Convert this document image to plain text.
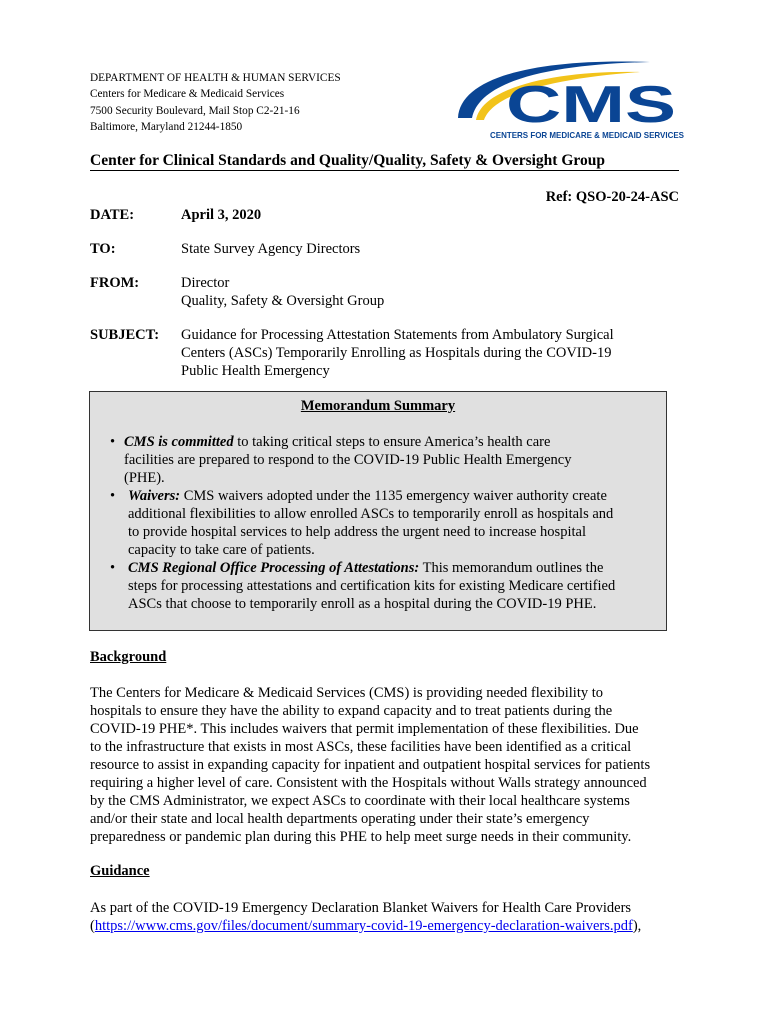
DEPARTMENT OF HEALTH & HUMAN SERVICES
Centers for Medicare & Medicaid Services
7500 Security Boulevard, Mail Stop C2-21-16
Baltimore, Maryland 21244-1850	CMS
CENTERS FOR MEDICARE & MEDICAID SERVICES
Center for Clinical Standards and Quality/Quality, Safety & Oversight Group
Ref: QSO-20-24-ASC
DATE:	April 3, 2020
TO:	State Survey Agency Directors
FROM:	Director
Quality, Safety & Oversight Group
SUBJECT:	Guidance for Processing Attestation Statements from Ambulatory Surgical
Centers (ASCs) Temporarily Enrolling as Hospitals during the COVID-19
Public Health Emergency
Memorandum Summary
• CMS is committed to taking critical steps to ensure America’s health care
facilities are prepared to respond to the COVID-19 Public Health Emergency
(PHE).
• Waivers: CMS waivers adopted under the 1135 emergency waiver authority create
additional flexibilities to allow enrolled ASCs to temporarily enroll as hospitals and
to provide hospital services to help address the urgent need to increase hospital
capacity to take care of patients.
• CMS Regional Office Processing of Attestations: This memorandum outlines the
steps for processing attestations and certification kits for existing Medicare certified
ASCs that choose to temporarily enroll as a hospital during the COVID-19 PHE.
Background
The Centers for Medicare & Medicaid Services (CMS) is providing needed flexibility to
hospitals to ensure they have the ability to expand capacity and to treat patients during the
COVID-19 PHE*. This includes waivers that permit implementation of these flexibilities. Due
to the infrastructure that exists in most ASCs, these facilities have been identified as a critical
resource to assist in expanding capacity for inpatient and outpatient hospital services for patients
requiring a higher level of care. Consistent with the Hospitals without Walls strategy announced
by the CMS Administrator, we expect ASCs to coordinate with their local healthcare systems
and/or their state and local health departments operating under their state’s emergency
preparedness or pandemic plan during this PHE to help meet surge needs in their community.
Guidance
As part of the COVID-19 Emergency Declaration Blanket Waivers for Health Care Providers
(https://www.cms.gov/files/document/summary-covid-19-emergency-declaration-waivers.pdf),
